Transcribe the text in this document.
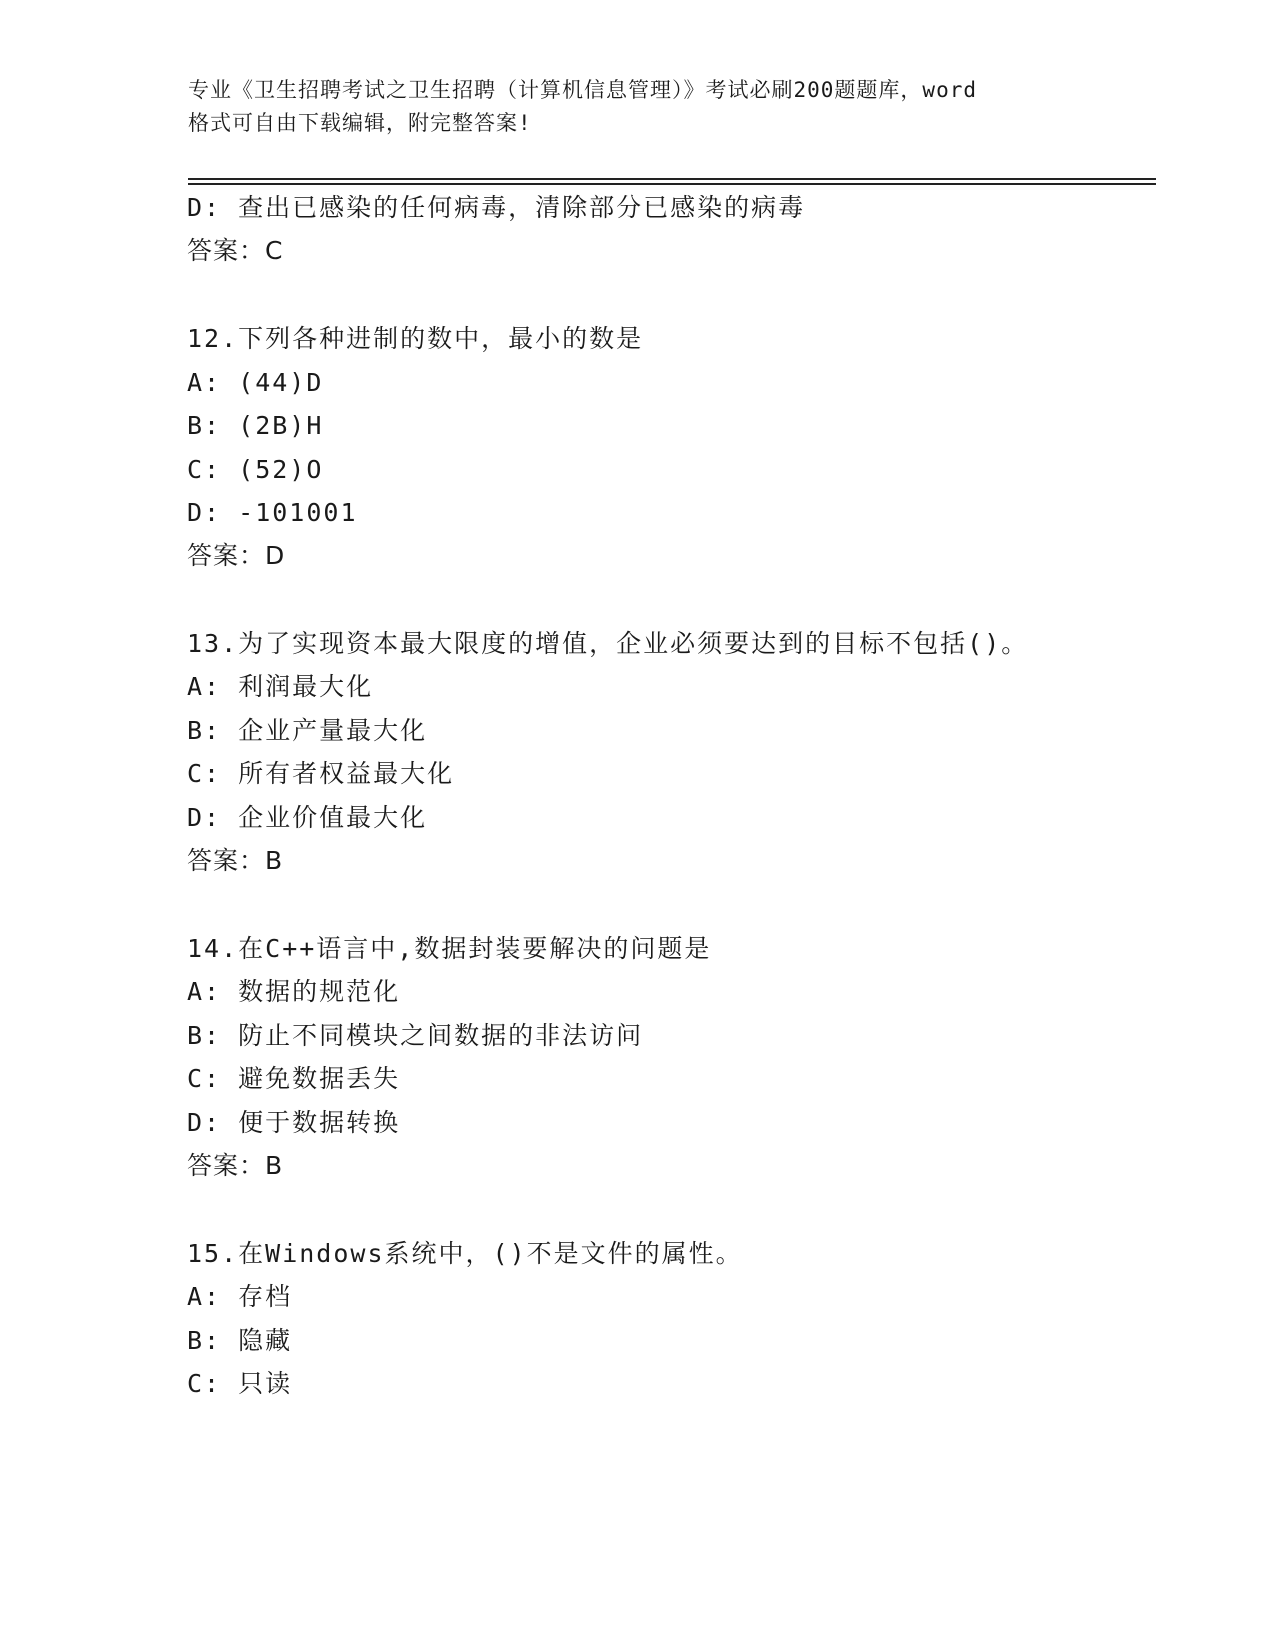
专业《卫生招聘考试之卫生招聘（计算机信息管理）》考试必刷200题题库，word
格式可自由下载编辑，附完整答案!
D: 查出已感染的任何病毒，清除部分已感染的病毒
答案：C
12.下列各种进制的数中，最小的数是
A: (44)D
B: (2B)H
C: (52)O
D: -101001
答案：D
13.为了实现资本最大限度的增值，企业必须要达到的目标不包括()。
A: 利润最大化
B: 企业产量最大化
C: 所有者权益最大化
D: 企业价值最大化
答案：B
14.在C++语言中,数据封装要解决的问题是
A: 数据的规范化
B: 防止不同模块之间数据的非法访问
C: 避免数据丢失
D: 便于数据转换
答案：B
15.在Windows系统中，()不是文件的属性。
A: 存档
B: 隐藏
C: 只读
